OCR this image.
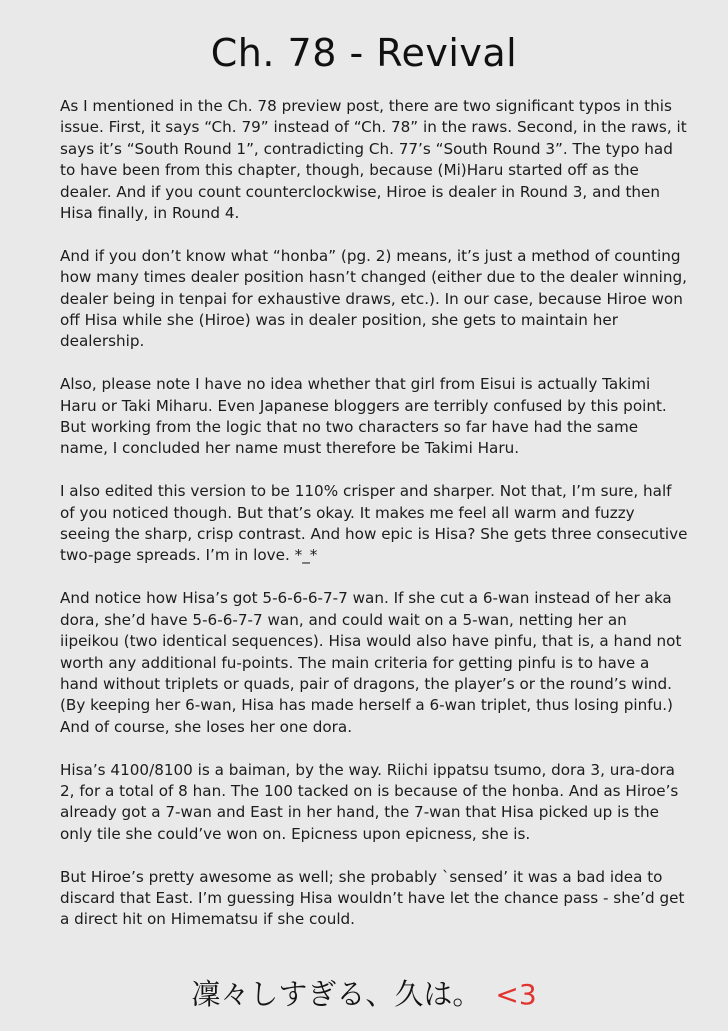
Ch. 78 - Revival

As I mentioned in the Ch. 78 preview post, there are two significant typos in this issue. First, it says “Ch. 79” instead of “Ch. 78” in the raws. Second, in the raws, it says it’s “South Round 1”, contradicting Ch. 77’s “South Round 3”. The typo had to have been from this chapter, though, because (Mi)Haru started off as the dealer. And if you count counterclockwise, Hiroe is dealer in Round 3, and then Hisa finally, in Round 4.

And if you don’t know what “honba” (pg. 2) means, it’s just a method of counting how many times dealer position hasn’t changed (either due to the dealer winning, dealer being in tenpai for exhaustive draws, etc.). In our case, because Hiroe won off Hisa while she (Hiroe) was in dealer position, she gets to maintain her dealership.

Also, please note I have no idea whether that girl from Eisui is actually Takimi Haru or Taki Miharu. Even Japanese bloggers are terribly confused by this point. But working from the logic that no two characters so far have had the same name, I concluded her name must therefore be Takimi Haru.

I also edited this version to be 110% crisper and sharper. Not that, I’m sure, half of you noticed though. But that’s okay. It makes me feel all warm and fuzzy seeing the sharp, crisp contrast. And how epic is Hisa? She gets three consecutive two-page spreads. I’m in love. *_*

And notice how Hisa’s got 5-6-6-6-7-7 wan. If she cut a 6-wan instead of her aka dora, she’d have 5-6-6-7-7 wan, and could wait on a 5-wan, netting her an iipeikou (two identical sequences). Hisa would also have pinfu, that is, a hand not worth any additional fu-points. The main criteria for getting pinfu is to have a hand without triplets or quads, pair of dragons, the player’s or the round’s wind. (By keeping her 6-wan, Hisa has made herself a 6-wan triplet, thus losing pinfu.) And of course, she loses her one dora.

Hisa’s 4100/8100 is a baiman, by the way. Riichi ippatsu tsumo, dora 3, ura-dora 2, for a total of 8 han. The 100 tacked on is because of the honba. And as Hiroe’s already got a 7-wan and East in her hand, the 7-wan that Hisa picked up is the only tile she could’ve won on. Epicness upon epicness, she is.

But Hiroe’s pretty awesome as well; she probably `sensed’ it was a bad idea to discard that East. I’m guessing Hisa wouldn’t have let the chance pass - she’d get a direct hit on Himematsu if she could.

凜々しすぎる、久は。 <3
